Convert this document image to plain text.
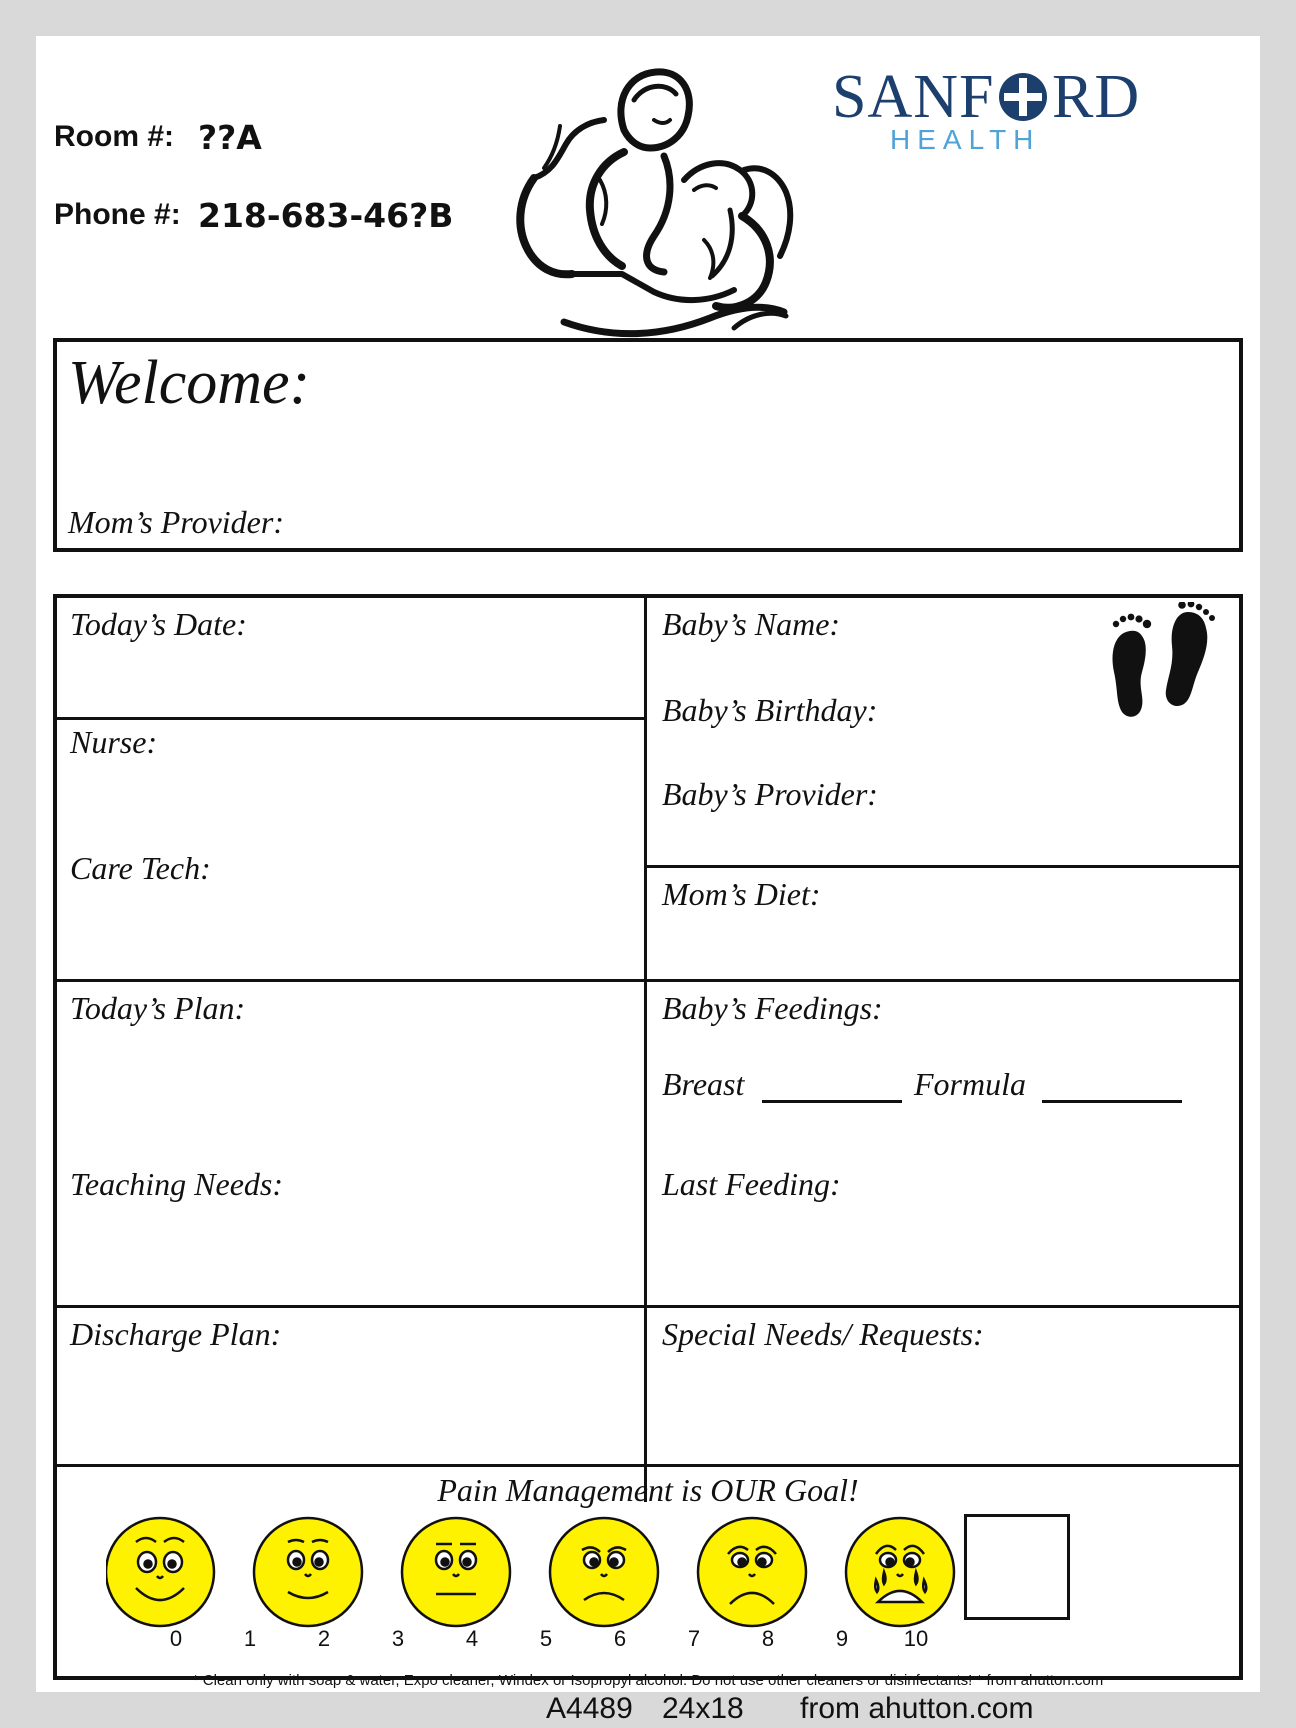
Room #: ??A
Phone #: 218-683-46?B
SANF RD
HEALTH
Welcome:
Mom’s Provider:
Today’s Date:
Nurse:
Care Tech:
Today’s Plan:
Teaching Needs:
Discharge Plan:
Baby’s Name:
Baby’s Birthday:
Baby’s Provider:
Mom’s Diet:
Baby’s Feedings:
Breast	Formula
Last Feeding:
Special Needs/ Requests:
Pain Management is OUR Goal!
0	1	2	3	4	5	6	7	8	9	10
* Clean only with soap & water, Expo cleaner, Windex or Isopropyl alcohol. Do not use other cleaners or disinfectants! * from ahutton.com
A4489 24x18 from ahutton.com
